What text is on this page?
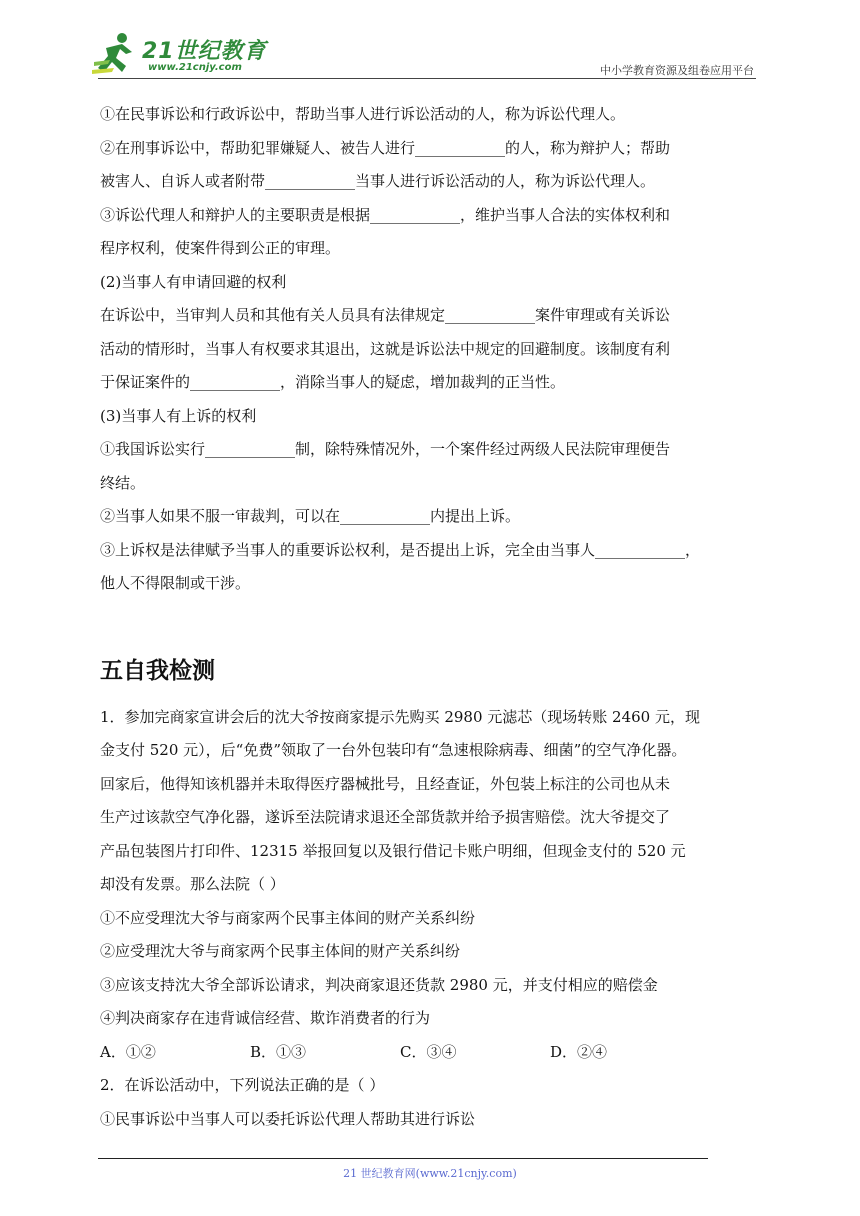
21世纪教育
www.21cnjy.com	中小学教育资源及组卷应用平台

①在民事诉讼和行政诉讼中，帮助当事人进行诉讼活动的人，称为诉讼代理人。

②在刑事诉讼中，帮助犯罪嫌疑人、被告人进行____________的人，称为辩护人；帮助

被害人、自诉人或者附带____________当事人进行诉讼活动的人，称为诉讼代理人。

③诉讼代理人和辩护人的主要职责是根据____________，维护当事人合法的实体权利和

程序权利，使案件得到公正的审理。

(2)当事人有申请回避的权利

在诉讼中，当审判人员和其他有关人员具有法律规定____________案件审理或有关诉讼

活动的情形时，当事人有权要求其退出，这就是诉讼法中规定的回避制度。该制度有利

于保证案件的____________，消除当事人的疑虑，增加裁判的正当性。

(3)当事人有上诉的权利

①我国诉讼实行____________制，除特殊情况外，一个案件经过两级人民法院审理便告

终结。

②当事人如果不服一审裁判，可以在____________内提出上诉。

③上诉权是法律赋予当事人的重要诉讼权利，是否提出上诉，完全由当事人____________，

他人不得限制或干涉。

五自我检测

1．参加完商家宣讲会后的沈大爷按商家提示先购买 2980 元滤芯（现场转账 2460 元，现

金支付 520 元），后“免费”领取了一台外包装印有“急速根除病毒、细菌”的空气净化器。

回家后，他得知该机器并未取得医疗器械批号，且经查证，外包装上标注的公司也从未

生产过该款空气净化器，遂诉至法院请求退还全部货款并给予损害赔偿。沈大爷提交了

产品包装图片打印件、12315 举报回复以及银行借记卡账户明细，但现金支付的 520 元

却没有发票。那么法院（ ）

①不应受理沈大爷与商家两个民事主体间的财产关系纠纷

②应受理沈大爷与商家两个民事主体间的财产关系纠纷

③应该支持沈大爷全部诉讼请求，判决商家退还货款 2980 元，并支付相应的赔偿金

④判决商家存在违背诚信经营、欺诈消费者的行为

A．①②	B．①③	C．③④	D．②④

2．在诉讼活动中，下列说法正确的是（ ）

①民事诉讼中当事人可以委托诉讼代理人帮助其进行诉讼

21 世纪教育网(www.21cnjy.com)
